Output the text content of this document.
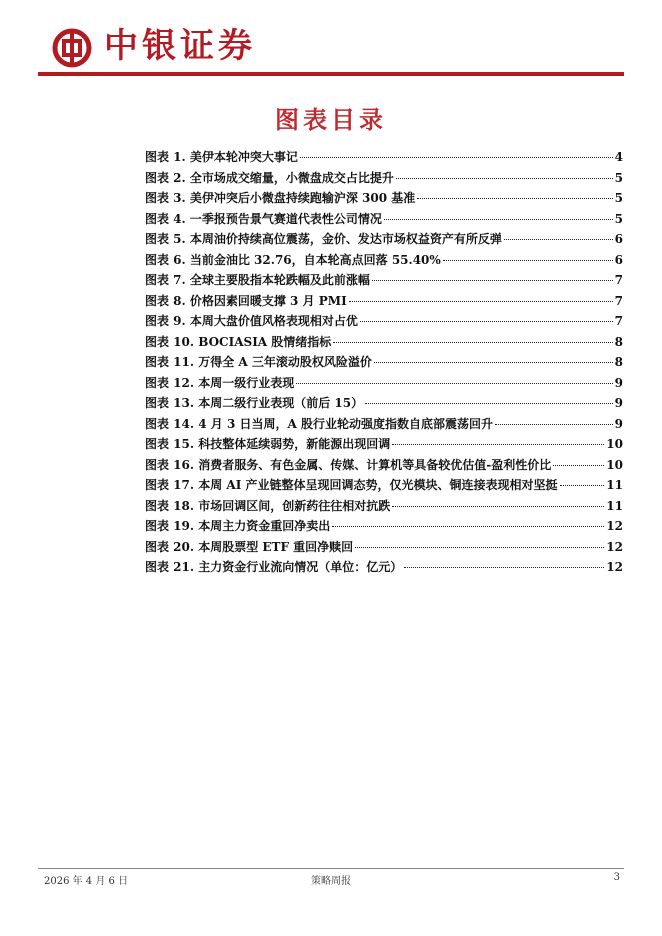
中银证券
图表目录
图表 1. 美伊本轮冲突大事记	4
图表 2. 全市场成交缩量，小微盘成交占比提升	5
图表 3. 美伊冲突后小微盘持续跑输沪深 300 基准	5
图表 4. 一季报预告景气赛道代表性公司情况	5
图表 5. 本周油价持续高位震荡，金价、发达市场权益资产有所反弹	6
图表 6. 当前金油比 32.76，自本轮高点回落 55.40%	6
图表 7. 全球主要股指本轮跌幅及此前涨幅	7
图表 8. 价格因素回暖支撑 3 月 PMI	7
图表 9. 本周大盘价值风格表现相对占优	7
图表 10. BOCIASIA 股情绪指标	8
图表 11. 万得全 A 三年滚动股权风险溢价	8
图表 12. 本周一级行业表现	9
图表 13. 本周二级行业表现（前后 15）	9
图表 14. 4 月 3 日当周，A 股行业轮动强度指数自底部震荡回升	9
图表 15. 科技整体延续弱势，新能源出现回调	10
图表 16. 消费者服务、有色金属、传媒、计算机等具备较优估值-盈利性价比	10
图表 17. 本周 AI 产业链整体呈现回调态势，仅光模块、铜连接表现相对坚挺	11
图表 18. 市场回调区间，创新药往往相对抗跌	11
图表 19. 本周主力资金重回净卖出	12
图表 20. 本周股票型 ETF 重回净赎回	12
图表 21. 主力资金行业流向情况（单位：亿元）	12
2026 年 4 月 6 日	策略周报	3
